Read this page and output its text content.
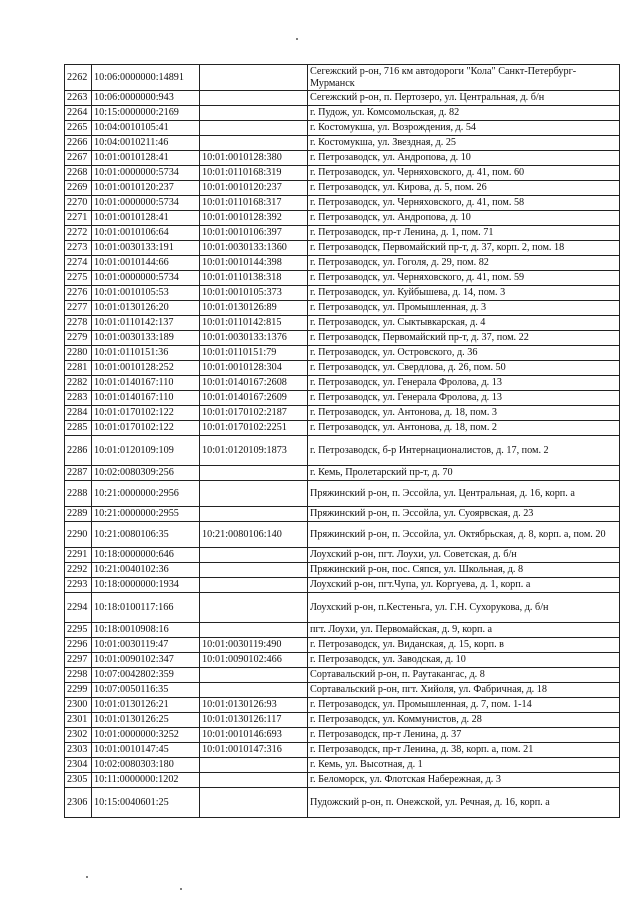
2262	10:06:0000000:14891		Сегежский р-он, 716 км автодороги "Кола" Санкт-Петербург-Мурманск
2263	10:06:0000000:943		Сегежский р-он, п. Пертозеро, ул. Центральная, д. б/н
2264	10:15:0000000:2169		г. Пудож, ул. Комсомольская, д. 82
2265	10:04:0010105:41		г. Костомукша, ул. Возрождения, д. 54
2266	10:04:0010211:46		г. Костомукша, ул. Звездная, д. 25
2267	10:01:0010128:41	10:01:0010128:380	г. Петрозаводск, ул. Андропова, д. 10
2268	10:01:0000000:5734	10:01:0110168:319	г. Петрозаводск, ул. Черняховского, д. 41, пом. 60
2269	10:01:0010120:237	10:01:0010120:237	г. Петрозаводск, ул. Кирова, д. 5, пом. 26
2270	10:01:0000000:5734	10:01:0110168:317	г. Петрозаводск, ул. Черняховского, д. 41, пом. 58
2271	10:01:0010128:41	10:01:0010128:392	г. Петрозаводск, ул. Андропова, д. 10
2272	10:01:0010106:64	10:01:0010106:397	г. Петрозаводск, пр-т Ленина, д. 1, пом. 71
2273	10:01:0030133:191	10:01:0030133:1360	г. Петрозаводск, Первомайский пр-т, д. 37, корп. 2, пом. 18
2274	10:01:0010144:66	10:01:0010144:398	г. Петрозаводск, ул. Гоголя, д. 29, пом. 82
2275	10:01:0000000:5734	10:01:0110138:318	г. Петрозаводск, ул. Черняховского, д. 41, пом. 59
2276	10:01:0010105:53	10:01:0010105:373	г. Петрозаводск, ул. Куйбышева, д. 14, пом. 3
2277	10:01:0130126:20	10:01:0130126:89	г. Петрозаводск, ул. Промышленная, д. 3
2278	10:01:0110142:137	10:01:0110142:815	г. Петрозаводск, ул. Сыктывкарская, д. 4
2279	10:01:0030133:189	10:01:0030133:1376	г. Петрозаводск, Первомайский пр-т, д. 37, пом. 22
2280	10:01:0110151:36	10:01:0110151:79	г. Петрозаводск, ул. Островского, д. 36
2281	10:01:0010128:252	10:01:0010128:304	г. Петрозаводск, ул. Свердлова, д. 26, пом. 50
2282	10:01:0140167:110	10:01:0140167:2608	г. Петрозаводск, ул. Генерала Фролова, д. 13
2283	10:01:0140167:110	10:01:0140167:2609	г. Петрозаводск, ул. Генерала Фролова, д. 13
2284	10:01:0170102:122	10:01:0170102:2187	г. Петрозаводск, ул. Антонова, д. 18, пом. 3
2285	10:01:0170102:122	10:01:0170102:2251	г. Петрозаводск, ул. Антонова, д. 18, пом. 2
2286	10:01:0120109:109	10:01:0120109:1873	г. Петрозаводск, б-р Интернационалистов, д. 17, пом. 2
2287	10:02:0080309:256		г. Кемь, Пролетарский пр-т, д. 70
2288	10:21:0000000:2956		Пряжинский р-он, п. Эссойла, ул. Центральная, д. 16, корп. а
2289	10:21:0000000:2955		Пряжинский р-он, п. Эссойла, ул. Суоярвская, д. 23
2290	10:21:0080106:35	10:21:0080106:140	Пряжинский р-он, п. Эссойла, ул. Октябрьская, д. 8, корп. а, пом. 20
2291	10:18:0000000:646		Лоухский р-он, пгт. Лоухи, ул. Советская, д. б/н
2292	10:21:0040102:36		Пряжинский р-он, пос. Сяпся, ул. Школьная, д. 8
2293	10:18:0000000:1934		Лоухский р-он, пгт.Чупа, ул. Коргуева, д. 1, корп. а
2294	10:18:0100117:166		Лоухский р-он, п.Кестеньга, ул. Г.Н. Сухорукова, д. б/н
2295	10:18:0010908:16		пгт. Лоухи, ул. Первомайская, д. 9, корп. а
2296	10:01:0030119:47	10:01:0030119:490	г. Петрозаводск, ул. Виданская, д. 15, корп. в
2297	10:01:0090102:347	10:01:0090102:466	г. Петрозаводск, ул. Заводская, д. 10
2298	10:07:0042802:359		Сортавальский р-он, п. Раутакангас, д. 8
2299	10:07:0050116:35		Сортавальский р-он, пгт. Хийоля, ул. Фабричная, д. 18
2300	10:01:0130126:21	10:01:0130126:93	г. Петрозаводск, ул. Промышленная, д. 7, пом. 1-14
2301	10:01:0130126:25	10:01:0130126:117	г. Петрозаводск, ул. Коммунистов, д. 28
2302	10:01:0000000:3252	10:01:0010146:693	г. Петрозаводск, пр-т Ленина, д. 37
2303	10:01:0010147:45	10:01:0010147:316	г. Петрозаводск, пр-т Ленина, д. 38, корп. а, пом. 21
2304	10:02:0080303:180		г. Кемь, ул. Высотная, д. 1
2305	10:11:0000000:1202		г. Беломорск, ул. Флотская Набережная, д. 3
2306	10:15:0040601:25		Пудожский р-он, п. Онежской, ул. Речная, д. 16, корп. а
